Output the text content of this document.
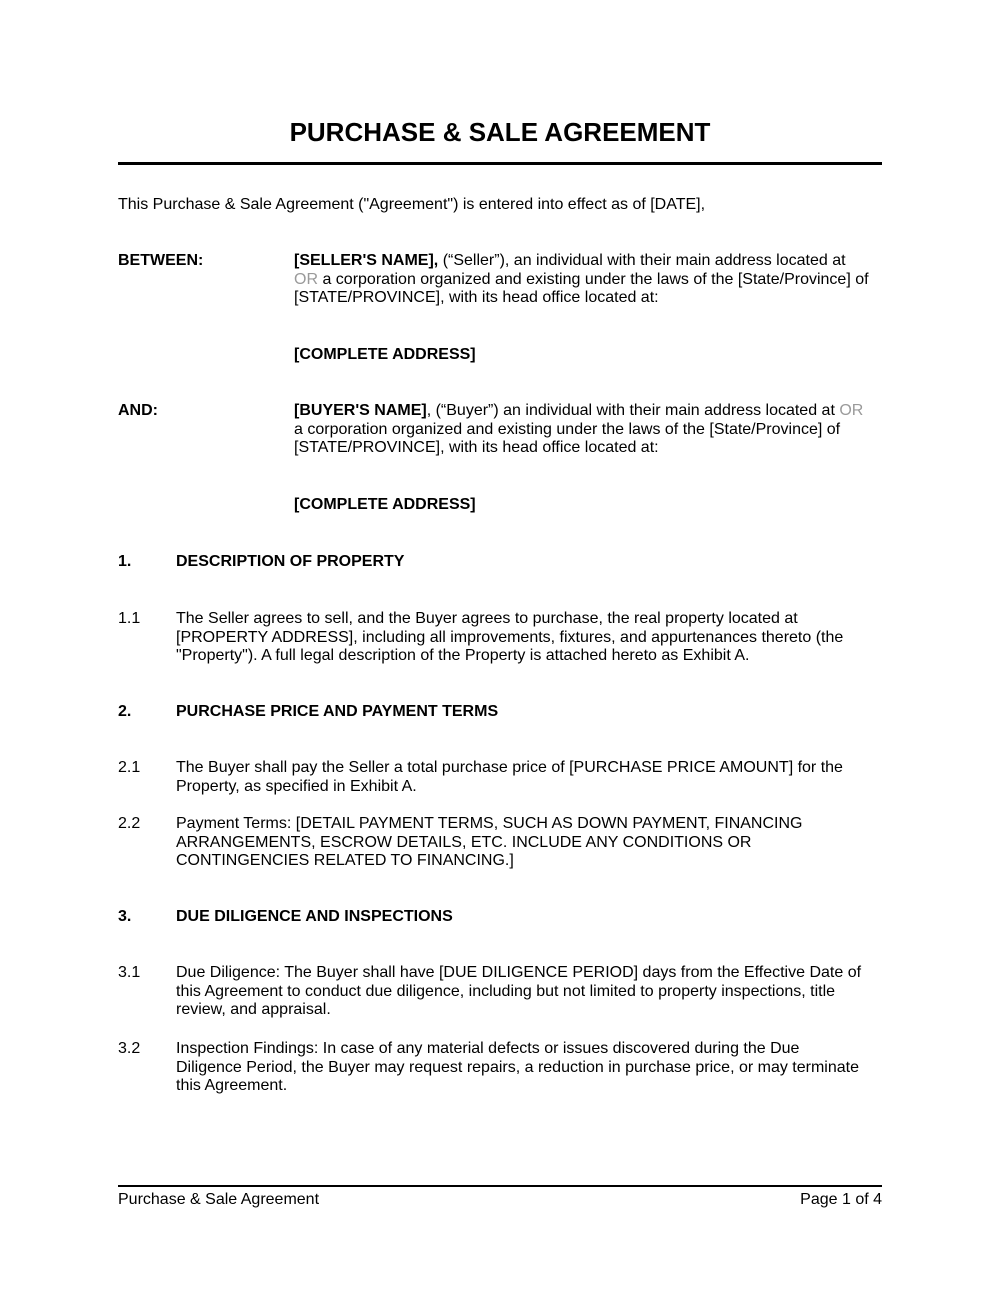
PURCHASE & SALE AGREEMENT
This Purchase & Sale Agreement ("Agreement") is entered into effect as of [DATE],
BETWEEN:	[SELLER'S NAME], (“Seller”), an individual with their main address located at
OR a corporation organized and existing under the laws of the [State/Province] of
[STATE/PROVINCE], with its head office located at:
[COMPLETE ADDRESS]
AND:	[BUYER'S NAME], (“Buyer”) an individual with their main address located at OR
a corporation organized and existing under the laws of the [State/Province] of
[STATE/PROVINCE], with its head office located at:
[COMPLETE ADDRESS]
1.	DESCRIPTION OF PROPERTY
1.1 The Seller agrees to sell, and the Buyer agrees to purchase, the real property located at
[PROPERTY ADDRESS], including all improvements, fixtures, and appurtenances thereto (the
"Property"). A full legal description of the Property is attached hereto as Exhibit A.
2.	PURCHASE PRICE AND PAYMENT TERMS
2.1 The Buyer shall pay the Seller a total purchase price of [PURCHASE PRICE AMOUNT] for the
Property, as specified in Exhibit A.
2.2 Payment Terms: [DETAIL PAYMENT TERMS, SUCH AS DOWN PAYMENT, FINANCING
ARRANGEMENTS, ESCROW DETAILS, ETC. INCLUDE ANY CONDITIONS OR
CONTINGENCIES RELATED TO FINANCING.]
3.	DUE DILIGENCE AND INSPECTIONS
3.1 Due Diligence: The Buyer shall have [DUE DILIGENCE PERIOD] days from the Effective Date of
this Agreement to conduct due diligence, including but not limited to property inspections, title
review, and appraisal.
3.2 Inspection Findings: In case of any material defects or issues discovered during the Due
Diligence Period, the Buyer may request repairs, a reduction in purchase price, or may terminate
this Agreement.
Purchase & Sale Agreement	Page 1 of 4
